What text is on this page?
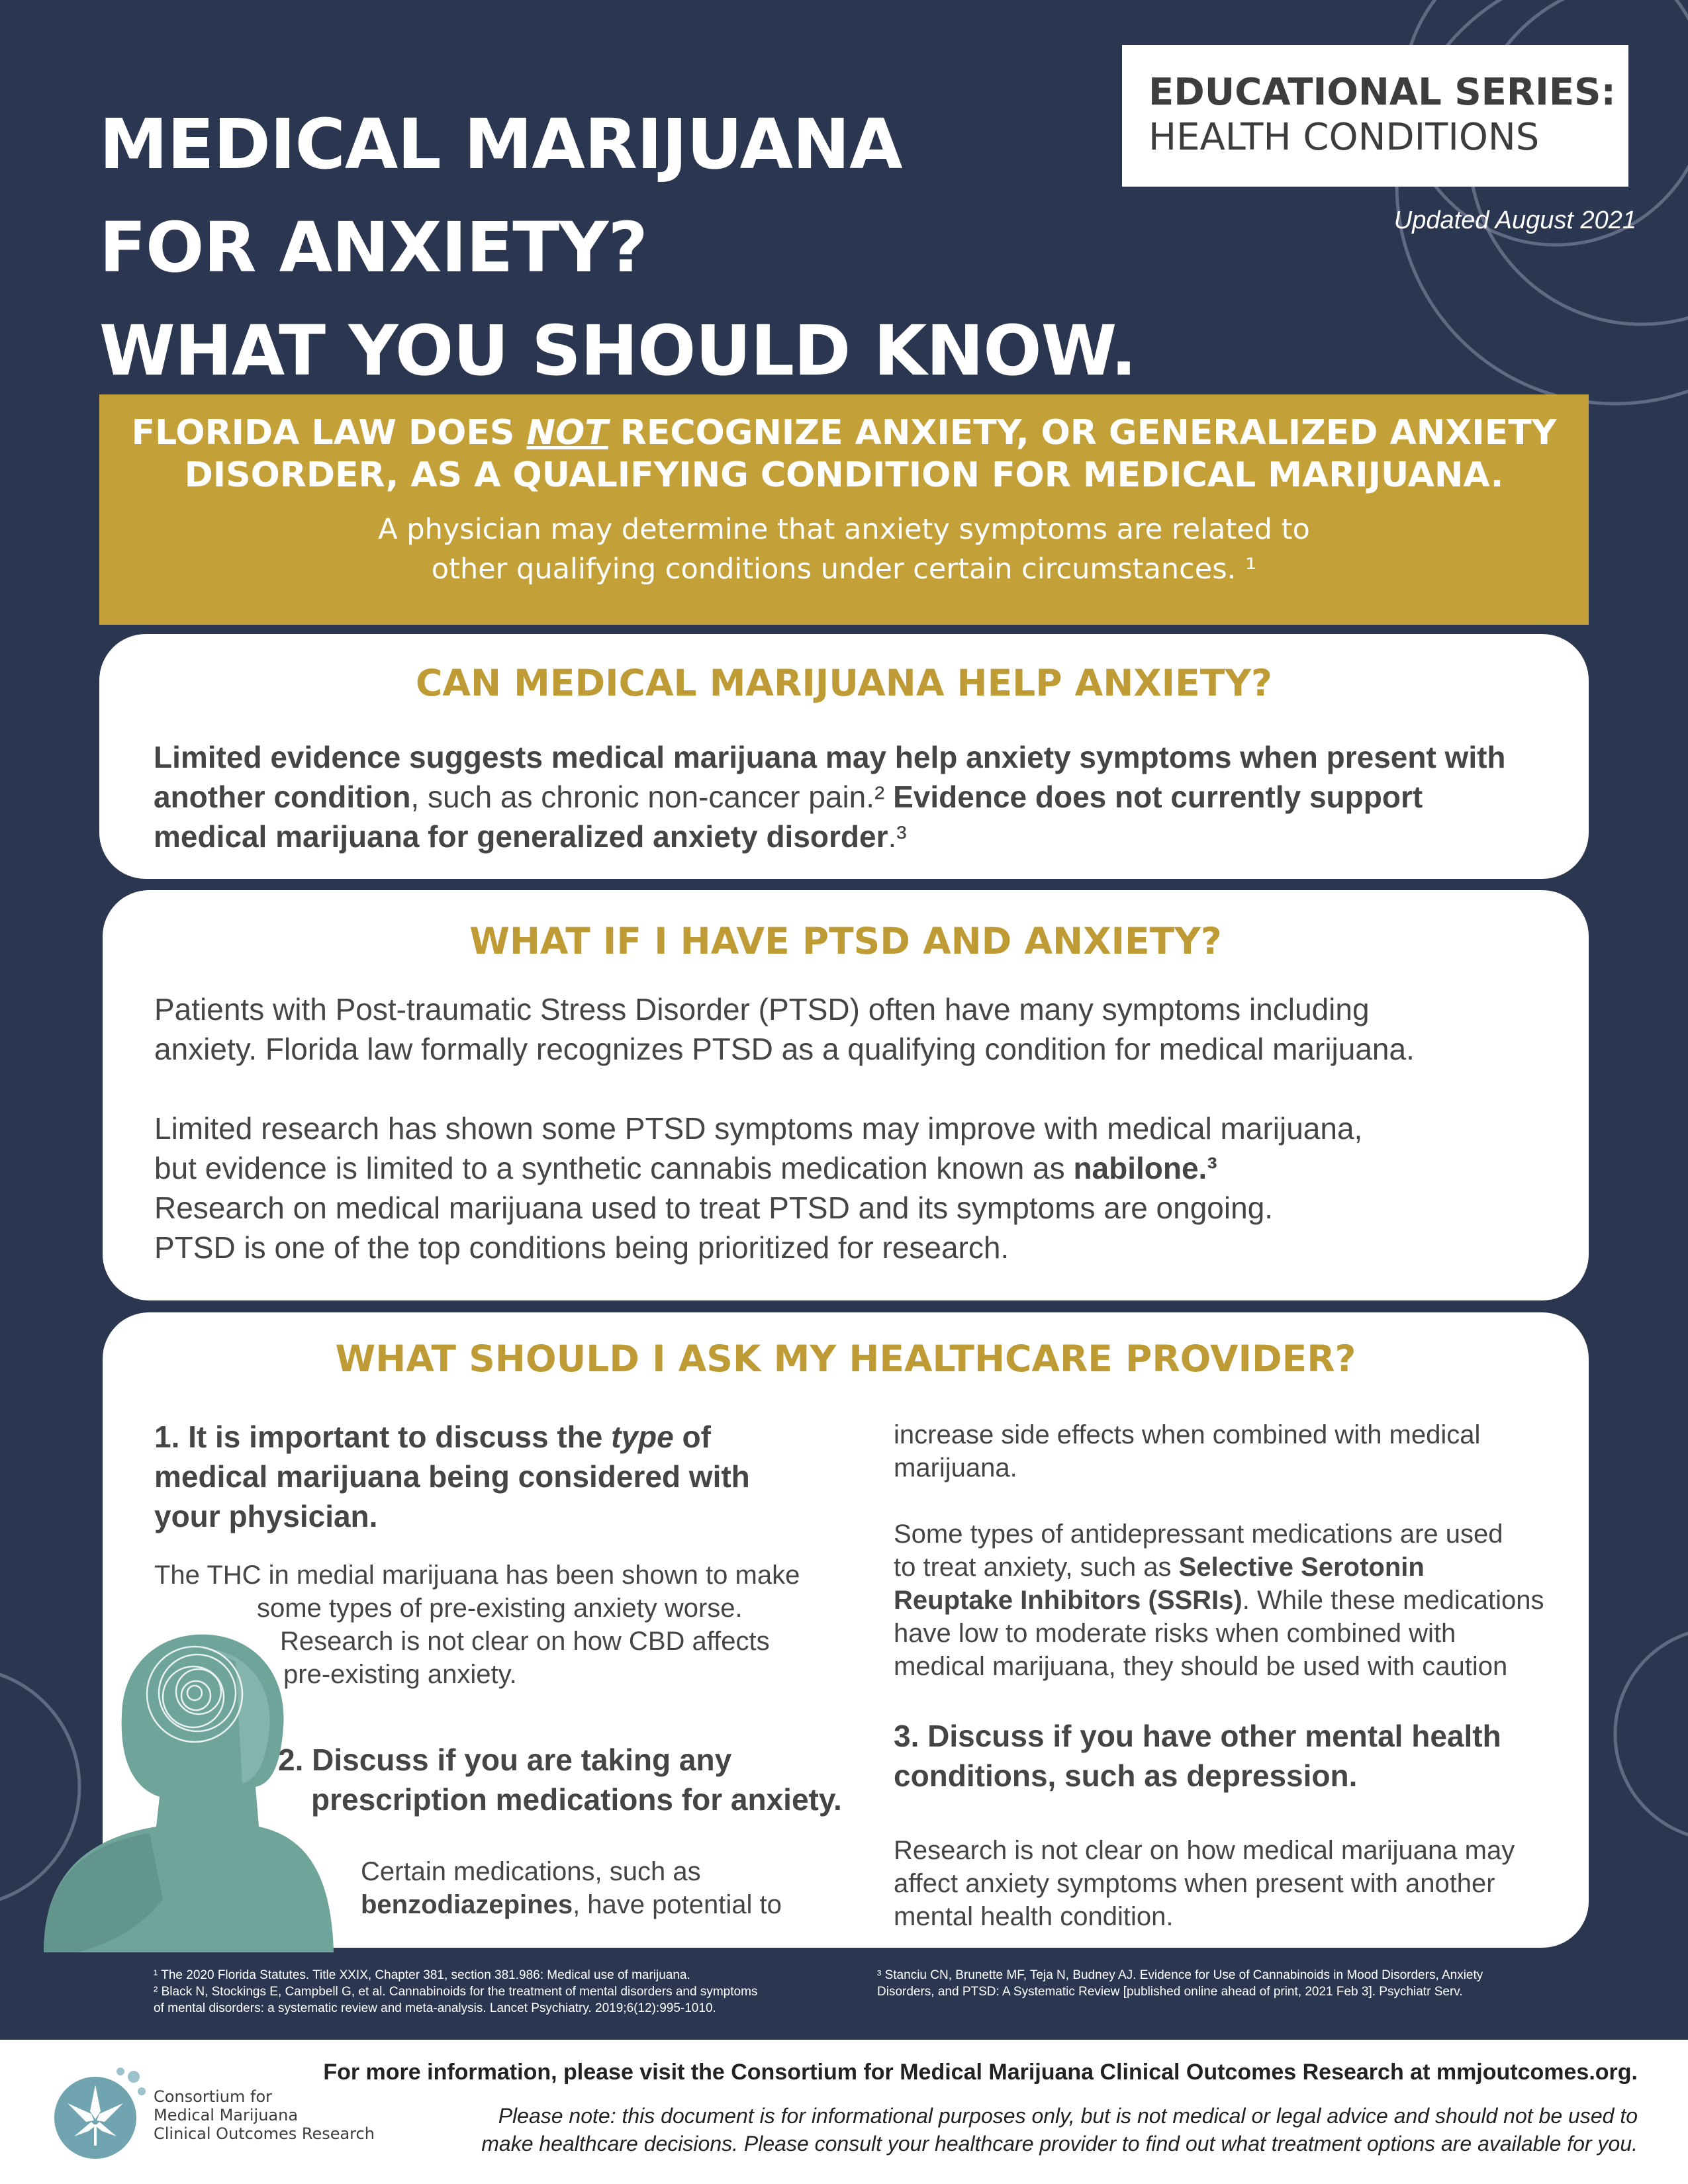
MEDICAL MARIJUANA
FOR ANXIETY?
WHAT YOU SHOULD KNOW.
EDUCATIONAL SERIES:
HEALTH CONDITIONS
Updated August 2021
FLORIDA LAW DOES NOT RECOGNIZE ANXIETY, OR GENERALIZED ANXIETY
DISORDER, AS A QUALIFYING CONDITION FOR MEDICAL MARIJUANA.
A physician may determine that anxiety symptoms are related to
other qualifying conditions under certain circumstances. ¹
CAN MEDICAL MARIJUANA HELP ANXIETY?
Limited evidence suggests medical marijuana may help anxiety symptoms when present with
another condition, such as chronic non-cancer pain.² Evidence does not currently support
medical marijuana for generalized anxiety disorder.³
WHAT IF I HAVE PTSD AND ANXIETY?
Patients with Post-traumatic Stress Disorder (PTSD) often have many symptoms including
anxiety. Florida law formally recognizes PTSD as a qualifying condition for medical marijuana.
Limited research has shown some PTSD symptoms may improve with medical marijuana,
but evidence is limited to a synthetic cannabis medication known as nabilone.³
Research on medical marijuana used to treat PTSD and its symptoms are ongoing.
PTSD is one of the top conditions being prioritized for research.
WHAT SHOULD I ASK MY HEALTHCARE PROVIDER?
1. It is important to discuss the type of
medical marijuana being considered with
your physician.
The THC in medial marijuana has been shown to make
some types of pre-existing anxiety worse.
Research is not clear on how CBD affects
pre-existing anxiety.
2. Discuss if you are taking any
prescription medications for anxiety.
Certain medications, such as
benzodiazepines, have potential to
increase side effects when combined with medical
marijuana.
Some types of antidepressant medications are used
to treat anxiety, such as Selective Serotonin
Reuptake Inhibitors (SSRIs). While these medications
have low to moderate risks when combined with
medical marijuana, they should be used with caution
3. Discuss if you have other mental health
conditions, such as depression.
Research is not clear on how medical marijuana may
affect anxiety symptoms when present with another
mental health condition.
¹ The 2020 Florida Statutes. Title XXIX, Chapter 381, section 381.986: Medical use of marijuana.
² Black N, Stockings E, Campbell G, et al. Cannabinoids for the treatment of mental disorders and symptoms
of mental disorders: a systematic review and meta-analysis. Lancet Psychiatry. 2019;6(12):995-1010.
³ Stanciu CN, Brunette MF, Teja N, Budney AJ. Evidence for Use of Cannabinoids in Mood Disorders, Anxiety
Disorders, and PTSD: A Systematic Review [published online ahead of print, 2021 Feb 3]. Psychiatr Serv.
Consortium for
Medical Marijuana
Clinical Outcomes Research
For more information, please visit the Consortium for Medical Marijuana Clinical Outcomes Research at mmjoutcomes.org.
Please note: this document is for informational purposes only, but is not medical or legal advice and should not be used to
make healthcare decisions. Please consult your healthcare provider to find out what treatment options are available for you.
